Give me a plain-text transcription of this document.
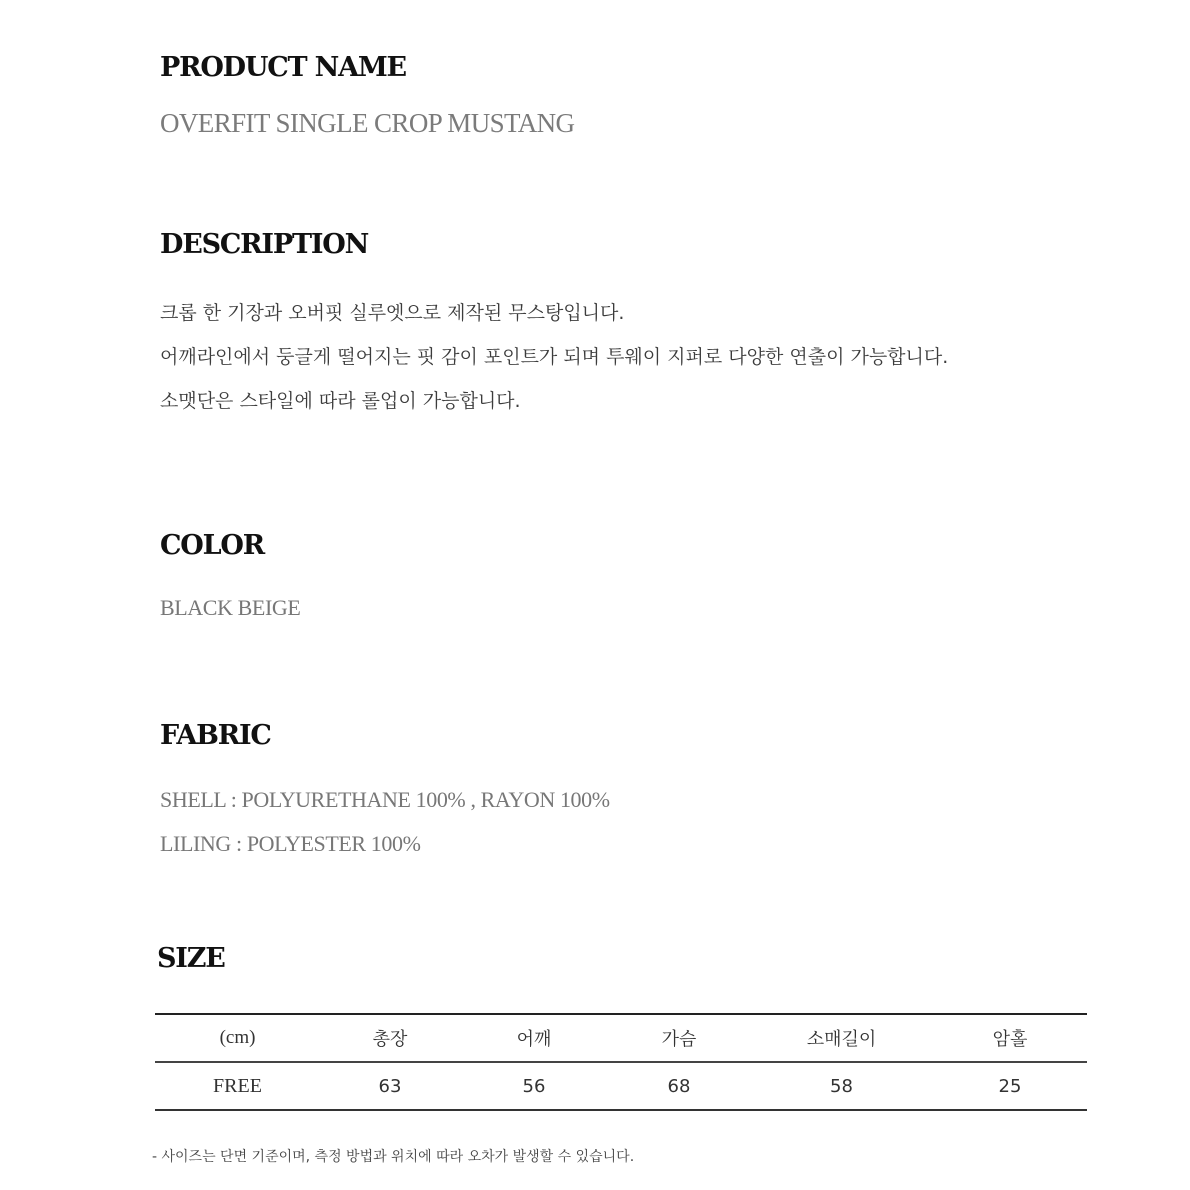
PRODUCT NAME

OVERFIT SINGLE CROP MUSTANG

DESCRIPTION

크롭 한 기장과 오버핏 실루엣으로 제작된 무스탕입니다.

어깨라인에서 둥글게 떨어지는 핏 감이 포인트가 되며 투웨이 지퍼로 다양한 연출이 가능합니다.

소맷단은 스타일에 따라 롤업이 가능합니다.

COLOR

BLACK BEIGE

FABRIC

SHELL : POLYURETHANE 100% , RAYON 100%

LILING : POLYESTER 100%

SIZE
(cm)	총장	어깨	가슴	소매길이	암홀
FREE	63	56	68	58	25

- 사이즈는 단면 기준이며, 측정 방법과 위치에 따라 오차가 발생할 수 있습니다.
